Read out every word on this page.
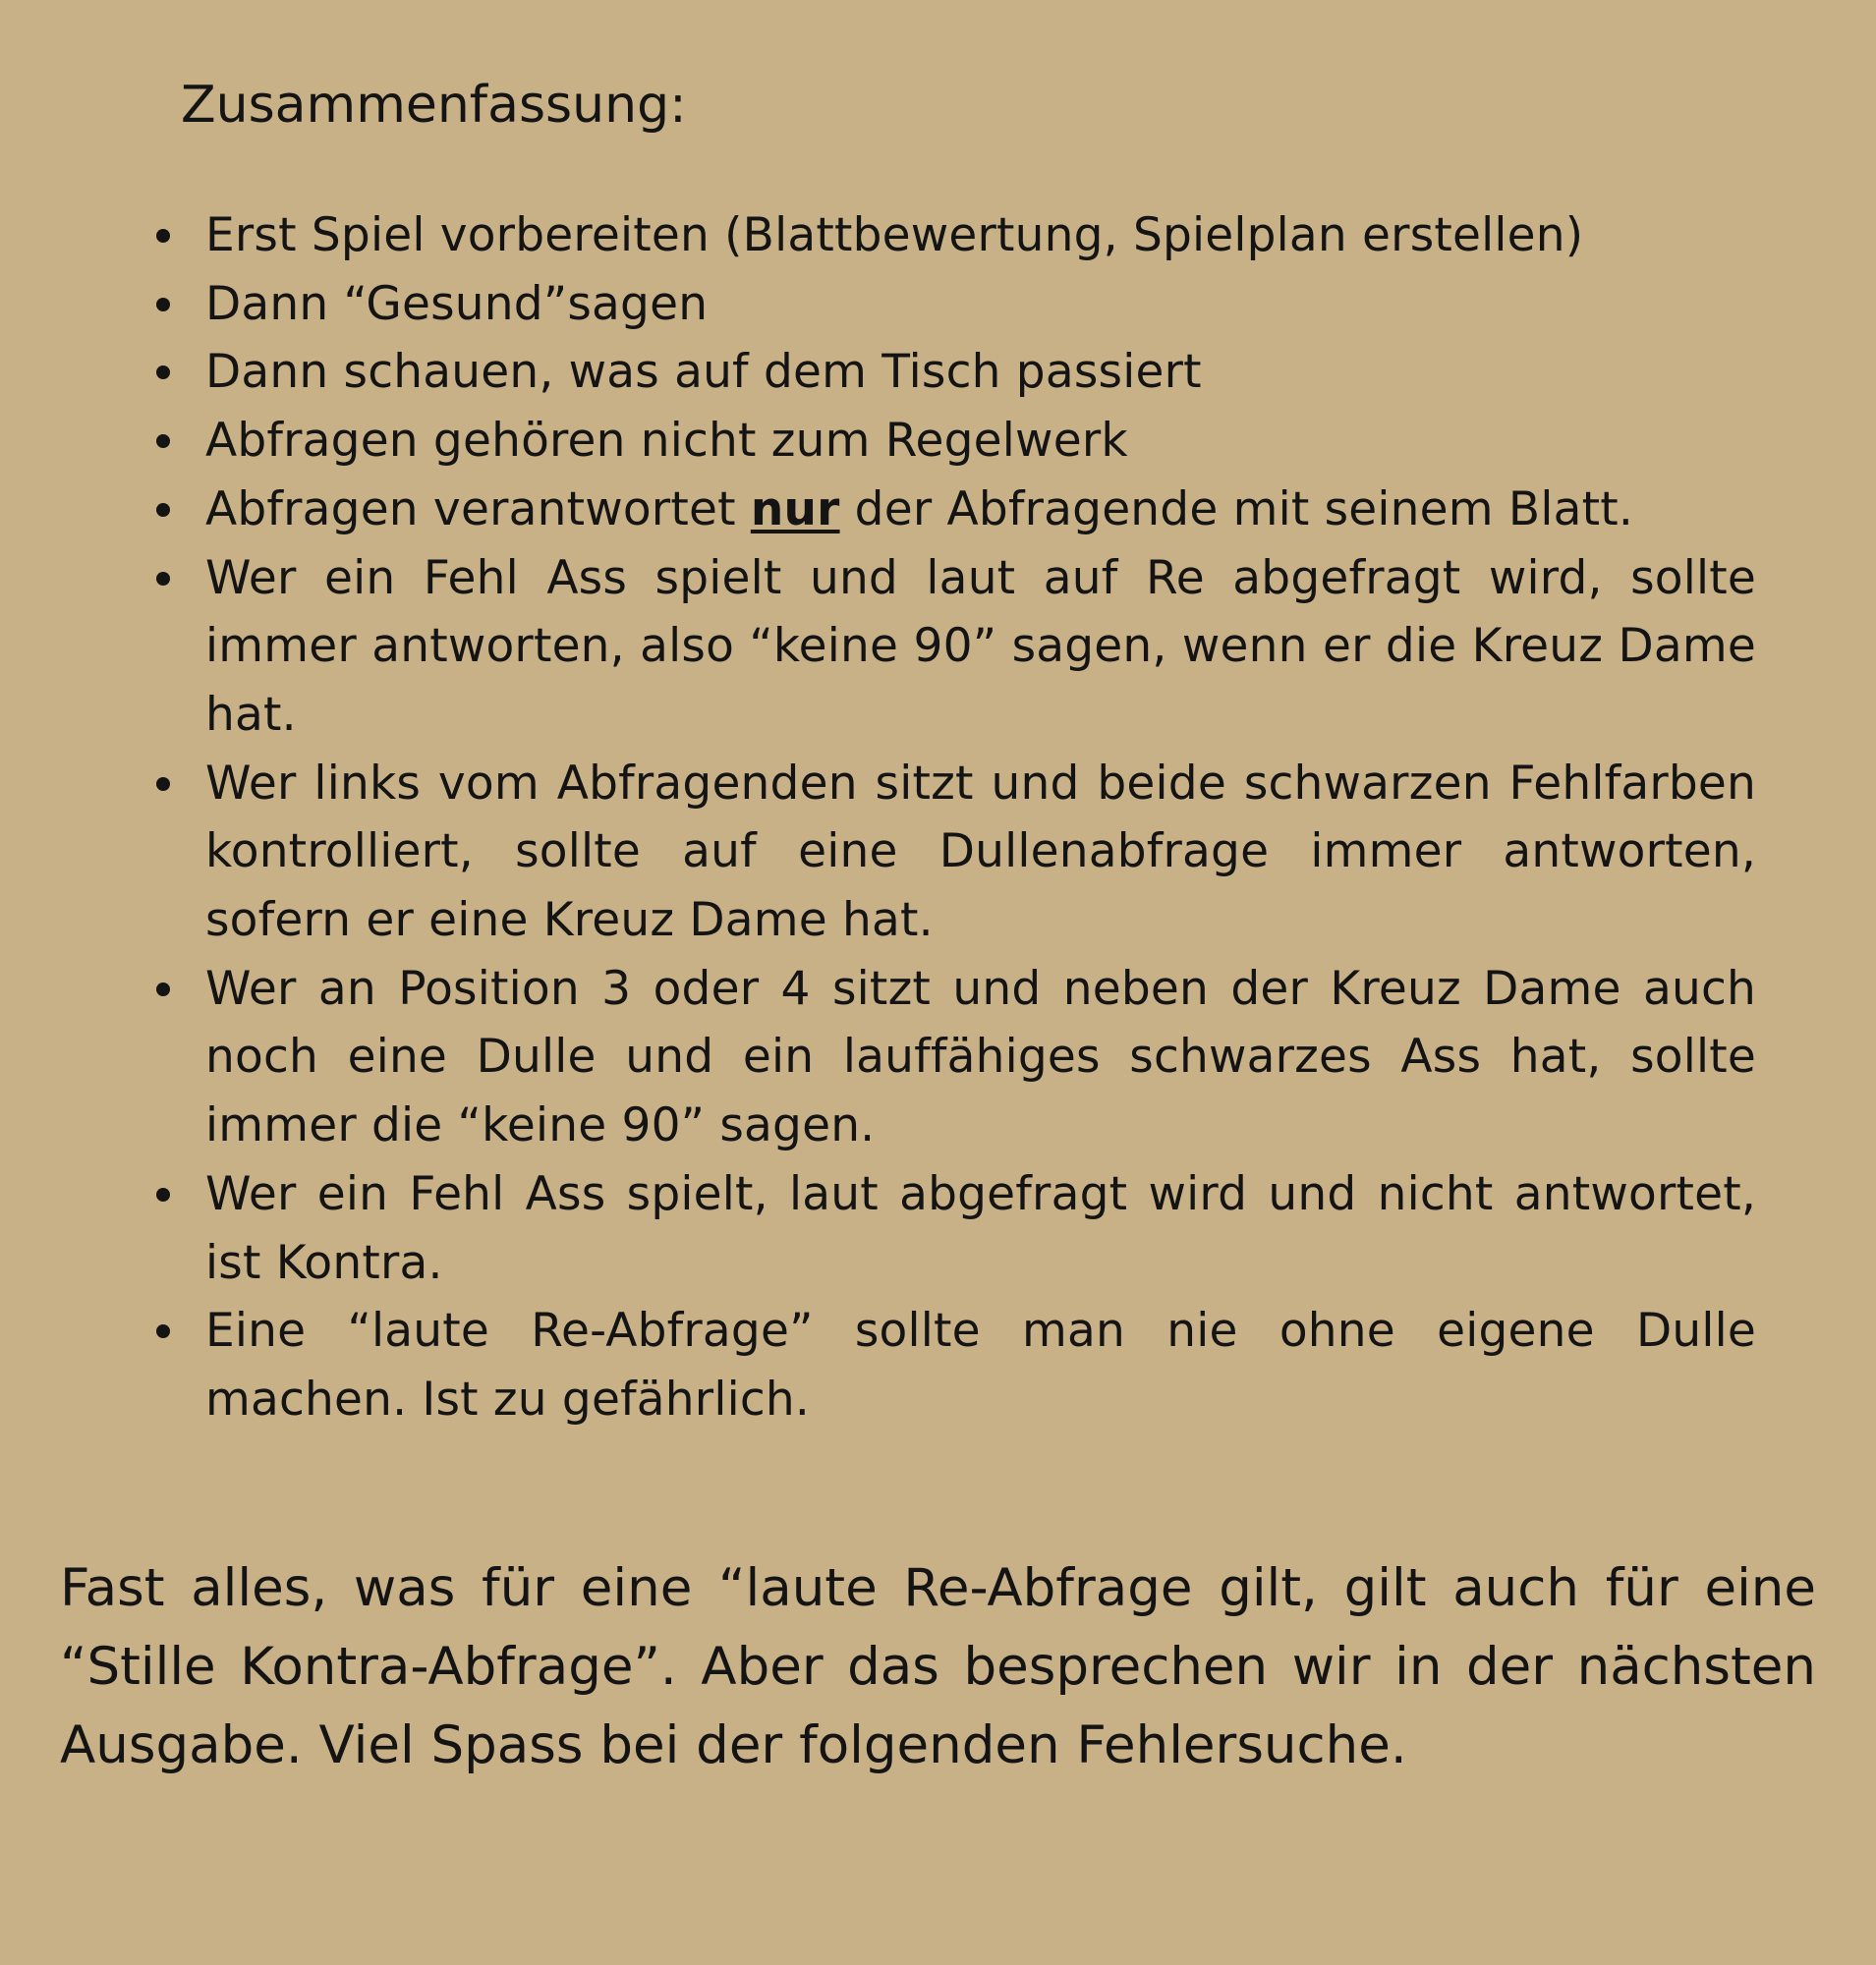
Zusammenfassung:
Erst Spiel vorbereiten (Blattbewertung, Spielplan erstellen)
Dann “Gesund”sagen
Dann schauen, was auf dem Tisch passiert
Abfragen gehören nicht zum Regelwerk
Abfragen verantwortet nur der Abfragende mit seinem Blatt.
Wer ein Fehl Ass spielt und laut auf Re abgefragt wird, sollte immer antworten, also “keine 90” sagen, wenn er die Kreuz Dame hat.
Wer links vom Abfragenden sitzt und beide schwarzen Fehlfarben kontrolliert, sollte auf eine Dullenabfrage immer antworten, sofern er eine Kreuz Dame hat.
Wer an Position 3 oder 4 sitzt und neben der Kreuz Dame auch noch eine Dulle und ein lauffähiges schwarzes Ass hat, sollte immer die “keine 90” sagen.
Wer ein Fehl Ass spielt, laut abgefragt wird und nicht antwortet, ist Kontra.
Eine “laute Re-Abfrage” sollte man nie ohne eigene Dulle machen. Ist zu gefährlich.

Fast alles, was für eine “laute Re-Abfrage gilt, gilt auch für eine “Stille Kontra-Abfrage”. Aber das besprechen wir in der nächsten Ausgabe. Viel Spass bei der folgenden Fehlersuche.
